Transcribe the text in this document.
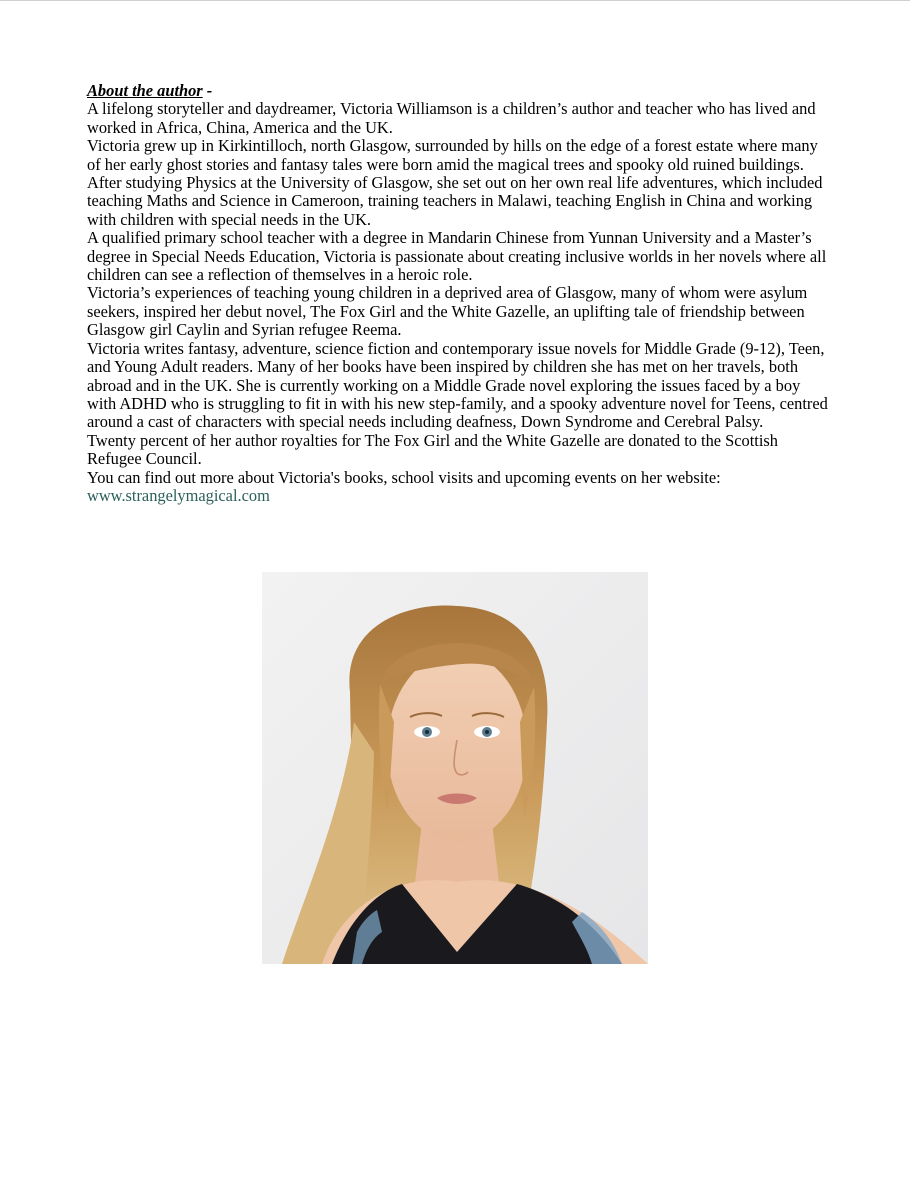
About the author -

A lifelong storyteller and daydreamer, Victoria Williamson is a children’s author and teacher who has lived and worked in Africa, China, America and the UK.

Victoria grew up in Kirkintilloch, north Glasgow, surrounded by hills on the edge of a forest estate where many of her early ghost stories and fantasy tales were born amid the magical trees and spooky old ruined buildings.

After studying Physics at the University of Glasgow, she set out on her own real life adventures, which included teaching Maths and Science in Cameroon, training teachers in Malawi, teaching English in China and working with children with special needs in the UK.

A qualified primary school teacher with a degree in Mandarin Chinese from Yunnan University and a Master’s degree in Special Needs Education, Victoria is passionate about creating inclusive worlds in her novels where all children can see a reflection of themselves in a heroic role.

Victoria’s experiences of teaching young children in a deprived area of Glasgow, many of whom were asylum seekers, inspired her debut novel, The Fox Girl and the White Gazelle, an uplifting tale of friendship between Glasgow girl Caylin and Syrian refugee Reema.

Victoria writes fantasy, adventure, science fiction and contemporary issue novels for Middle Grade (9-12), Teen, and Young Adult readers. Many of her books have been inspired by children she has met on her travels, both abroad and in the UK. She is currently working on a Middle Grade novel exploring the issues faced by a boy with ADHD who is struggling to fit in with his new step-family, and a spooky adventure novel for Teens, centred around a cast of characters with special needs including deafness, Down Syndrome and Cerebral Palsy.

Twenty percent of her author royalties for The Fox Girl and the White Gazelle are donated to the Scottish Refugee Council.

You can find out more about Victoria's books, school visits and upcoming events on her website:

www.strangelymagical.com
